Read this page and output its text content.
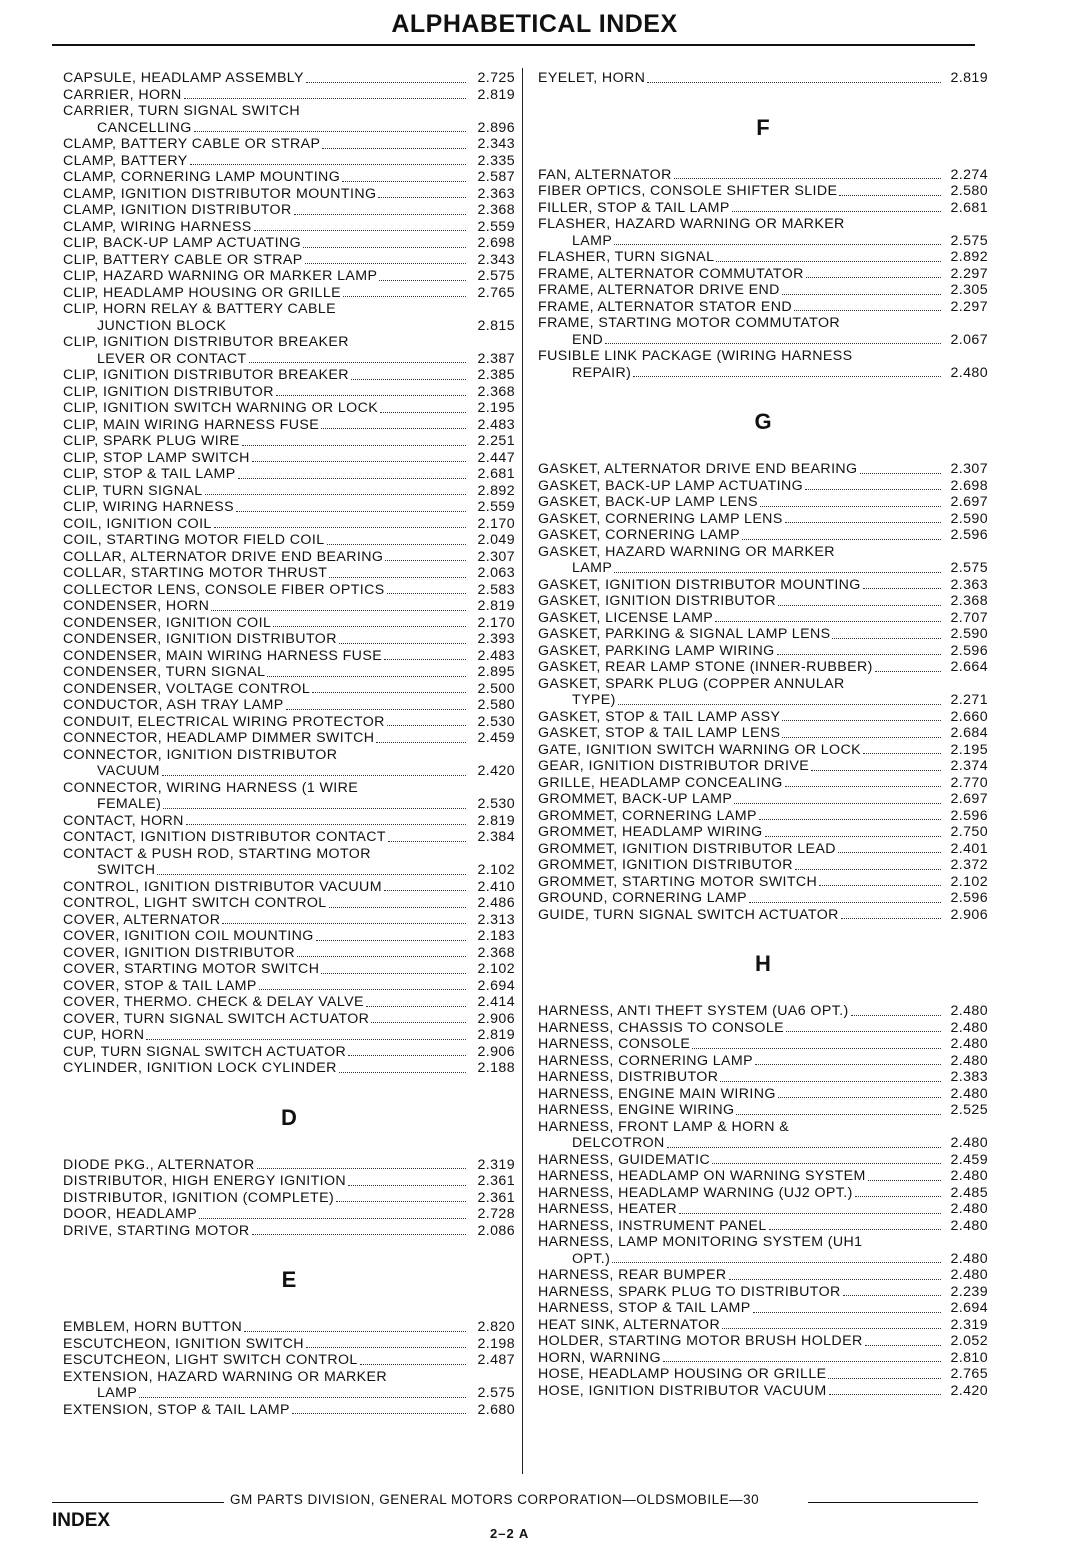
ALPHABETICAL INDEX
CAPSULE, HEADLAMP ASSEMBLY	2.725
CARRIER, HORN	2.819
CARRIER, TURN SIGNAL SWITCH
CANCELLING	2.896
CLAMP, BATTERY CABLE OR STRAP	2.343
CLAMP, BATTERY	2.335
CLAMP, CORNERING LAMP MOUNTING	2.587
CLAMP, IGNITION DISTRIBUTOR MOUNTING	2.363
CLAMP, IGNITION DISTRIBUTOR	2.368
CLAMP, WIRING HARNESS	2.559
CLIP, BACK-UP LAMP ACTUATING	2.698
CLIP, BATTERY CABLE OR STRAP	2.343
CLIP, HAZARD WARNING OR MARKER LAMP	2.575
CLIP, HEADLAMP HOUSING OR GRILLE	2.765
CLIP, HORN RELAY & BATTERY CABLE
JUNCTION BLOCK	2.815
CLIP, IGNITION DISTRIBUTOR BREAKER
LEVER OR CONTACT	2.387
CLIP, IGNITION DISTRIBUTOR BREAKER	2.385
CLIP, IGNITION DISTRIBUTOR	2.368
CLIP, IGNITION SWITCH WARNING OR LOCK	2.195
CLIP, MAIN WIRING HARNESS FUSE	2.483
CLIP, SPARK PLUG WIRE	2.251
CLIP, STOP LAMP SWITCH	2.447
CLIP, STOP & TAIL LAMP	2.681
CLIP, TURN SIGNAL	2.892
CLIP, WIRING HARNESS	2.559
COIL, IGNITION COIL	2.170
COIL, STARTING MOTOR FIELD COIL	2.049
COLLAR, ALTERNATOR DRIVE END BEARING	2.307
COLLAR, STARTING MOTOR THRUST	2.063
COLLECTOR LENS, CONSOLE FIBER OPTICS	2.583
CONDENSER, HORN	2.819
CONDENSER, IGNITION COIL	2.170
CONDENSER, IGNITION DISTRIBUTOR	2.393
CONDENSER, MAIN WIRING HARNESS FUSE	2.483
CONDENSER, TURN SIGNAL	2.895
CONDENSER, VOLTAGE CONTROL	2.500
CONDUCTOR, ASH TRAY LAMP	2.580
CONDUIT, ELECTRICAL WIRING PROTECTOR	2.530
CONNECTOR, HEADLAMP DIMMER SWITCH	2.459
CONNECTOR, IGNITION DISTRIBUTOR
VACUUM	2.420
CONNECTOR, WIRING HARNESS (1 WIRE
FEMALE)	2.530
CONTACT, HORN	2.819
CONTACT, IGNITION DISTRIBUTOR CONTACT	2.384
CONTACT & PUSH ROD, STARTING MOTOR
SWITCH	2.102
CONTROL, IGNITION DISTRIBUTOR VACUUM	2.410
CONTROL, LIGHT SWITCH CONTROL	2.486
COVER, ALTERNATOR	2.313
COVER, IGNITION COIL MOUNTING	2.183
COVER, IGNITION DISTRIBUTOR	2.368
COVER, STARTING MOTOR SWITCH	2.102
COVER, STOP & TAIL LAMP	2.694
COVER, THERMO. CHECK & DELAY VALVE	2.414
COVER, TURN SIGNAL SWITCH ACTUATOR	2.906
CUP, HORN	2.819
CUP, TURN SIGNAL SWITCH ACTUATOR	2.906
CYLINDER, IGNITION LOCK CYLINDER	2.188
D
DIODE PKG., ALTERNATOR	2.319
DISTRIBUTOR, HIGH ENERGY IGNITION	2.361
DISTRIBUTOR, IGNITION (COMPLETE)	2.361
DOOR, HEADLAMP	2.728
DRIVE, STARTING MOTOR	2.086
E
EMBLEM, HORN BUTTON	2.820
ESCUTCHEON, IGNITION SWITCH	2.198
ESCUTCHEON, LIGHT SWITCH CONTROL	2.487
EXTENSION, HAZARD WARNING OR MARKER
LAMP	2.575
EXTENSION, STOP & TAIL LAMP	2.680
EYELET, HORN	2.819
F
FAN, ALTERNATOR	2.274
FIBER OPTICS, CONSOLE SHIFTER SLIDE	2.580
FILLER, STOP & TAIL LAMP	2.681
FLASHER, HAZARD WARNING OR MARKER
LAMP	2.575
FLASHER, TURN SIGNAL	2.892
FRAME, ALTERNATOR COMMUTATOR	2.297
FRAME, ALTERNATOR DRIVE END	2.305
FRAME, ALTERNATOR STATOR END	2.297
FRAME, STARTING MOTOR COMMUTATOR
END	2.067
FUSIBLE LINK PACKAGE (WIRING HARNESS
REPAIR)	2.480
G
GASKET, ALTERNATOR DRIVE END BEARING	2.307
GASKET, BACK-UP LAMP ACTUATING	2.698
GASKET, BACK-UP LAMP LENS	2.697
GASKET, CORNERING LAMP LENS	2.590
GASKET, CORNERING LAMP	2.596
GASKET, HAZARD WARNING OR MARKER
LAMP	2.575
GASKET, IGNITION DISTRIBUTOR MOUNTING	2.363
GASKET, IGNITION DISTRIBUTOR	2.368
GASKET, LICENSE LAMP	2.707
GASKET, PARKING & SIGNAL LAMP LENS	2.590
GASKET, PARKING LAMP WIRING	2.596
GASKET, REAR LAMP STONE (INNER-RUBBER)	2.664
GASKET, SPARK PLUG (COPPER ANNULAR
TYPE)	2.271
GASKET, STOP & TAIL LAMP ASSY	2.660
GASKET, STOP & TAIL LAMP LENS	2.684
GATE, IGNITION SWITCH WARNING OR LOCK	2.195
GEAR, IGNITION DISTRIBUTOR DRIVE	2.374
GRILLE, HEADLAMP CONCEALING	2.770
GROMMET, BACK-UP LAMP	2.697
GROMMET, CORNERING LAMP	2.596
GROMMET, HEADLAMP WIRING	2.750
GROMMET, IGNITION DISTRIBUTOR LEAD	2.401
GROMMET, IGNITION DISTRIBUTOR	2.372
GROMMET, STARTING MOTOR SWITCH	2.102
GROUND, CORNERING LAMP	2.596
GUIDE, TURN SIGNAL SWITCH ACTUATOR	2.906
H
HARNESS, ANTI THEFT SYSTEM (UA6 OPT.)	2.480
HARNESS, CHASSIS TO CONSOLE	2.480
HARNESS, CONSOLE	2.480
HARNESS, CORNERING LAMP	2.480
HARNESS, DISTRIBUTOR	2.383
HARNESS, ENGINE MAIN WIRING	2.480
HARNESS, ENGINE WIRING	2.525
HARNESS, FRONT LAMP & HORN &
DELCOTRON	2.480
HARNESS, GUIDEMATIC	2.459
HARNESS, HEADLAMP ON WARNING SYSTEM	2.480
HARNESS, HEADLAMP WARNING (UJ2 OPT.)	2.485
HARNESS, HEATER	2.480
HARNESS, INSTRUMENT PANEL	2.480
HARNESS, LAMP MONITORING SYSTEM (UH1
OPT.)	2.480
HARNESS, REAR BUMPER	2.480
HARNESS, SPARK PLUG TO DISTRIBUTOR	2.239
HARNESS, STOP & TAIL LAMP	2.694
HEAT SINK, ALTERNATOR	2.319
HOLDER, STARTING MOTOR BRUSH HOLDER	2.052
HORN, WARNING	2.810
HOSE, HEADLAMP HOUSING OR GRILLE	2.765
HOSE, IGNITION DISTRIBUTOR VACUUM	2.420
GM PARTS DIVISION, GENERAL MOTORS CORPORATION—OLDSMOBILE—30
INDEX
2–2 A
